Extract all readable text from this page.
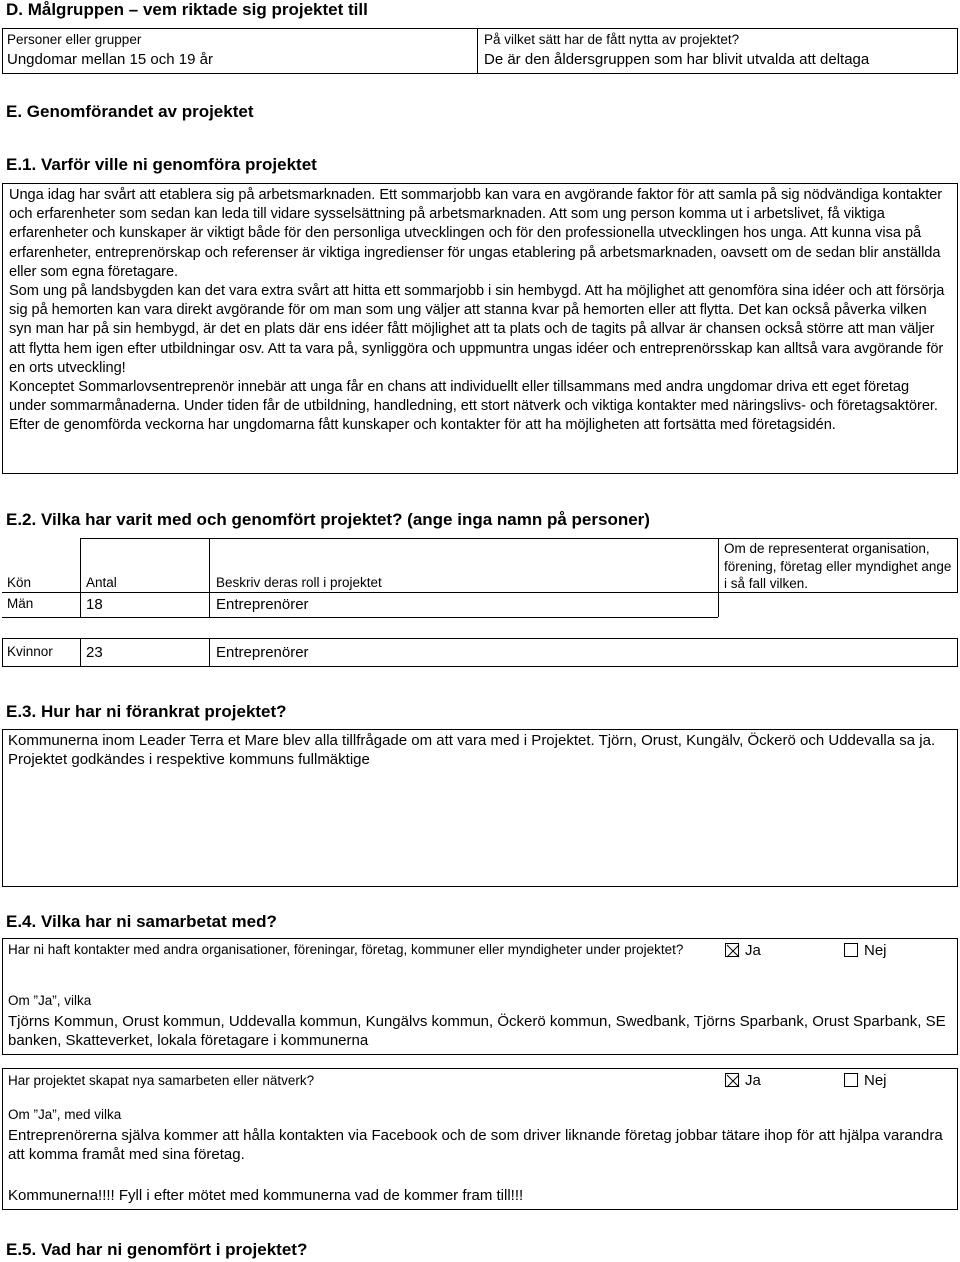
D. Målgruppen – vem riktade sig projektet till
Personer eller grupper
Ungdomar mellan 15 och 19 år
På vilket sätt har de fått nytta av projektet?
De är den åldersgruppen som har blivit utvalda att deltaga
E. Genomförandet av projektet
E.1. Varför ville ni genomföra projektet
Unga idag har svårt att etablera sig på arbetsmarknaden. Ett sommarjobb kan vara en avgörande faktor för att samla på sig nödvändiga kontakter och erfarenheter som sedan kan leda till vidare sysselsättning på arbetsmarknaden. Att som ung person komma ut i arbetslivet, få viktiga erfarenheter och kunskaper är viktigt både för den personliga utvecklingen och för den professionella utvecklingen hos unga. Att kunna visa på erfarenheter, entreprenörskap och referenser är viktiga ingredienser för ungas etablering på arbetsmarknaden, oavsett om de sedan blir anställda eller som egna företagare.
Som ung på landsbygden kan det vara extra svårt att hitta ett sommarjobb i sin hembygd. Att ha möjlighet att genomföra sina idéer och att försörja sig på hemorten kan vara direkt avgörande för om man som ung väljer att stanna kvar på hemorten eller att flytta. Det kan också påverka vilken syn man har på sin hembygd, är det en plats där ens idéer fått möjlighet att ta plats och de tagits på allvar är chansen också större att man väljer att flytta hem igen efter utbildningar osv. Att ta vara på, synliggöra och uppmuntra ungas idéer och entreprenörsskap kan alltså vara avgörande för en orts utveckling!
Konceptet Sommarlovsentreprenör innebär att unga får en chans att individuellt eller tillsammans med andra ungdomar driva ett eget företag under sommarmånaderna. Under tiden får de utbildning, handledning, ett stort nätverk och viktiga kontakter med näringslivs- och företagsaktörer. Efter de genomförda veckorna har ungdomarna fått kunskaper och kontakter för att ha möjligheten att fortsätta med företagsidén.
E.2. Vilka har varit med och genomfört projektet? (ange inga namn på personer)
Kön	Antal	Beskriv deras roll i projektet
Om de representerat organisation, förening, företag eller myndighet ange i så fall vilken.
Män	18	Entreprenörer
Kvinnor 23	Entreprenörer
E.3. Hur har ni förankrat projektet?
Kommunerna inom Leader Terra et Mare blev alla tillfrågade om att vara med i Projektet. Tjörn, Orust, Kungälv, Öckerö och Uddevalla sa ja. Projektet godkändes i respektive kommuns fullmäktige
E.4. Vilka har ni samarbetat med?
Har ni haft kontakter med andra organisationer, föreningar, företag, kommuner eller myndigheter under projektet?	Ja	Nej
Om ”Ja”, vilka
Tjörns Kommun, Orust kommun, Uddevalla kommun, Kungälvs kommun, Öckerö kommun, Swedbank, Tjörns Sparbank, Orust Sparbank, SE banken, Skatteverket, lokala företagare i kommunerna
Har projektet skapat nya samarbeten eller nätverk?	Ja	Nej
Om ”Ja”, med vilka
Entreprenörerna själva kommer att hålla kontakten via Facebook och de som driver liknande företag jobbar tätare ihop för att hjälpa varandra att komma framåt med sina företag.
Kommunerna!!!! Fyll i efter mötet med kommunerna vad de kommer fram till!!!
E.5. Vad har ni genomfört i projektet?
